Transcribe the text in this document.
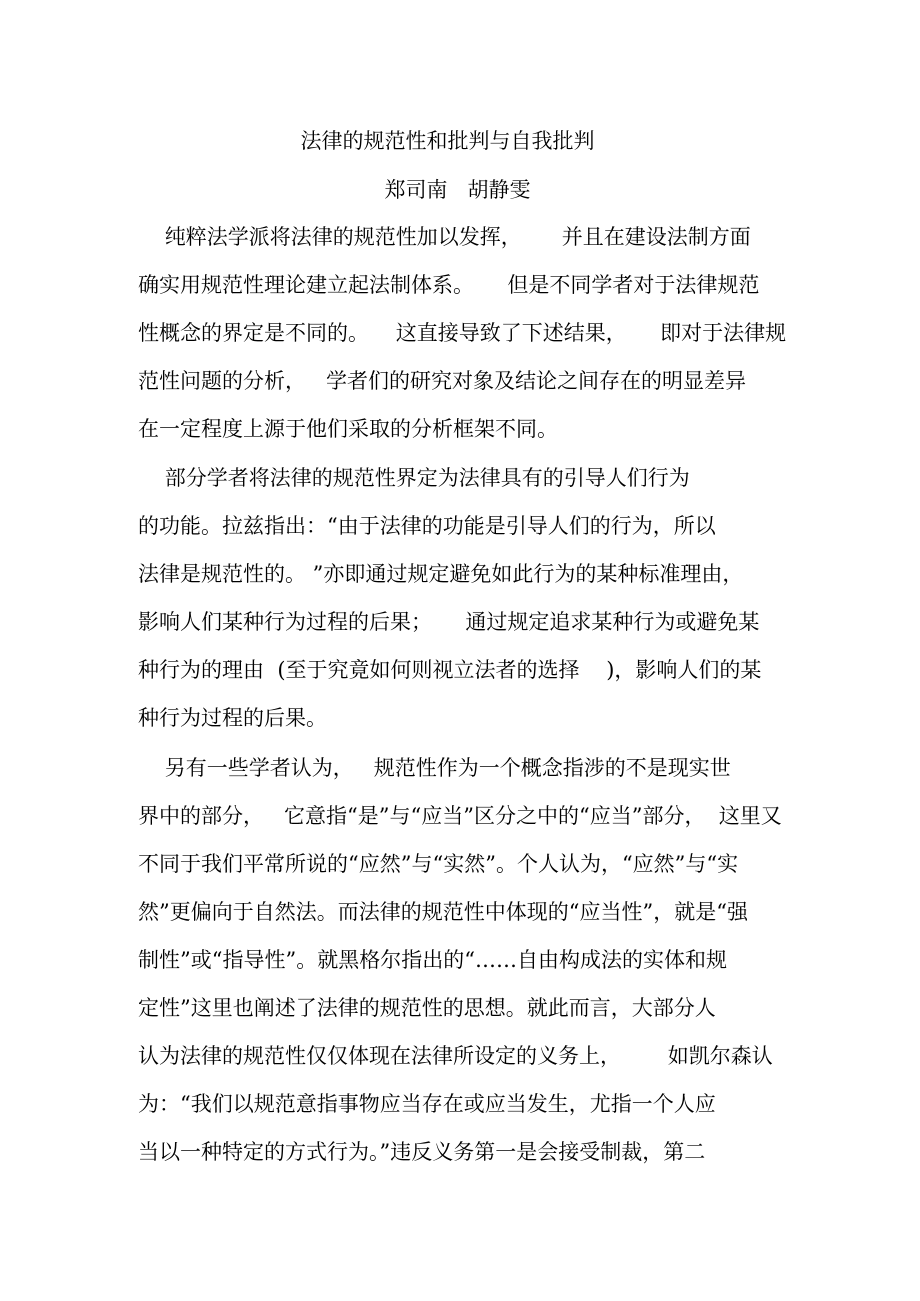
法律的规范性和批判与自我批判
郑司南   胡静雯
纯粹法学派将法律的规范性加以发挥，      并且在建设法制方面
确实用规范性理论建立起法制体系。     但是不同学者对于法律规范
性概念的界定是不同的。    这直接导致了下述结果，     即对于法律规
范性问题的分析，   学者们的研究对象及结论之间存在的明显差异
在一定程度上源于他们采取的分析框架不同。
部分学者将法律的规范性界定为法律具有的引导人们行为
的功能。拉兹指出：“由于法律的功能是引导人们的行为，所以
法律是规范性的。 ”亦即通过规定避免如此行为的某种标准理由，
影响人们某种行为过程的后果；     通过规定追求某种行为或避免某
种行为的理由  (至于究竟如何则视立法者的选择    )，影响人们的某
种行为过程的后果。
另有一些学者认为，   规范性作为一个概念指涉的不是现实世
界中的部分，   它意指“是”与“应当”区分之中的“应当”部分，  这里又
不同于我们平常所说的“应然”与“实然”。个人认为，“应然”与“实
然”更偏向于自然法。而法律的规范性中体现的“应当性”，就是“强
制性”或“指导性”。就黑格尔指出的“……自由构成法的实体和规
定性”这里也阐述了法律的规范性的思想。就此而言，大部分人
认为法律的规范性仅仅体现在法律所设定的义务上，       如凯尔森认
为：“我们以规范意指事物应当存在或应当发生，尤指一个人应
当以一种特定的方式行为。”违反义务第一是会接受制裁，第二
